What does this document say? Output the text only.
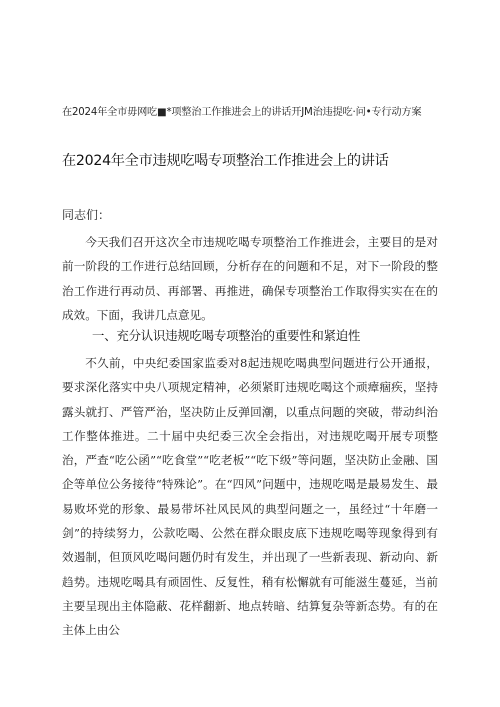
在2024年全市毋网吃■*项整治工作推进会上的讲话开JM治违提吃·问•专行动方案
在2024年全市违规吃喝专项整治工作推进会上的讲话
同志们：

今天我们召开这次全市违规吃喝专项整治工作推进会，主要目的是对前一阶段的工作进行总结回顾，分析存在的问题和不足，对下一阶段的整治工作进行再动员、再部署、再推进，确保专项整治工作取得实实在在的成效。下面，我讲几点意见。

一、充分认识违规吃喝专项整治的重要性和紧迫性

不久前，中央纪委国家监委对8起违规吃喝典型问题进行公开通报，要求深化落实中央八项规定精神，必须紧盯违规吃喝这个顽瘴痼疾，坚持露头就打、严管严治，坚决防止反弹回潮，以重点问题的突破，带动纠治工作整体推进。二十届中央纪委三次全会指出，对违规吃喝开展专项整治，严查“吃公函”“吃食堂”“吃老板”“吃下级”等问题，坚决防止金融、国企等单位公务接待“特殊论”。在“四风”问题中，违规吃喝是最易发生、最易败坏党的形象、最易带坏社风民风的典型问题之一，虽经过“十年磨一剑”的持续努力，公款吃喝、公然在群众眼皮底下违规吃喝等现象得到有效遏制，但顶风吃喝问题仍时有发生，并出现了一些新表现、新动向、新趋势。违规吃喝具有顽固性、反复性，稍有松懈就有可能滋生蔓延，当前主要呈现出主体隐蔽、花样翻新、地点转暗、结算复杂等新态势。有的在主体上由公
